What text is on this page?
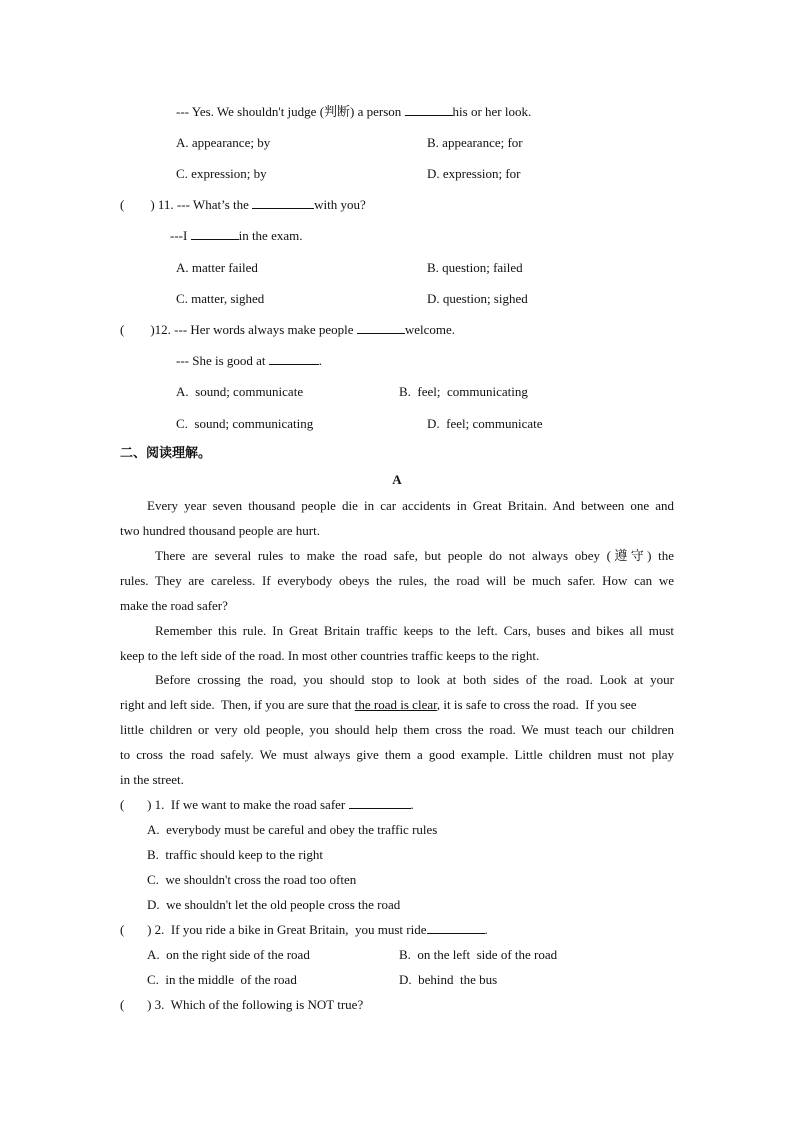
--- Yes. We shouldn't judge (判断) a person	his or her look.
A. appearance; by	B. appearance; for
C. expression; by	D. expression; for
(        ) 11. --- What’s the	with you?
---I	in the exam.
A. matter failed	B. question; failed
C. matter, sighed	D. question; sighed
(        )12. --- Her words always make people	welcome.
--- She is good at	.
A.  sound; communicate	B.  feel;  communicating
C.  sound; communicating	D.  feel; communicate
二、阅读理解。
A
Every year seven thousand people die in car accidents in Great Britain. And between one and
two hundred thousand people are hurt.
There are several rules to make the road safe, but people do not always obey (遵守) the
rules. They are careless. If everybody obeys the rules, the road will be much safer. How can we
make the road safer?
Remember this rule. In Great Britain traffic keeps to the left. Cars, buses and bikes all must
keep to the left side of the road. In most other countries traffic keeps to the right.
Before crossing the road, you should stop to look at both sides of the road. Look at your
right and left side.  Then, if you are sure that the road is clear, it is safe to cross the road.  If you see
little children or very old people, you should help them cross the road. We must teach our children
to cross the road safely. We must always give them a good example. Little children must not play
in the street.
(       ) 1.  If we want to make the road safer	.
A.  everybody must be careful and obey the traffic rules
B.  traffic should keep to the right
C.  we shouldn't cross the road too often
D.  we shouldn't let the old people cross the road
(       ) 2.  If you ride a bike in Great Britain,  you must ride	.
A.  on the right side of the road	B.  on the left  side of the road
C.  in the middle  of the road	D.  behind  the bus
(       ) 3.  Which of the following is NOT true?
